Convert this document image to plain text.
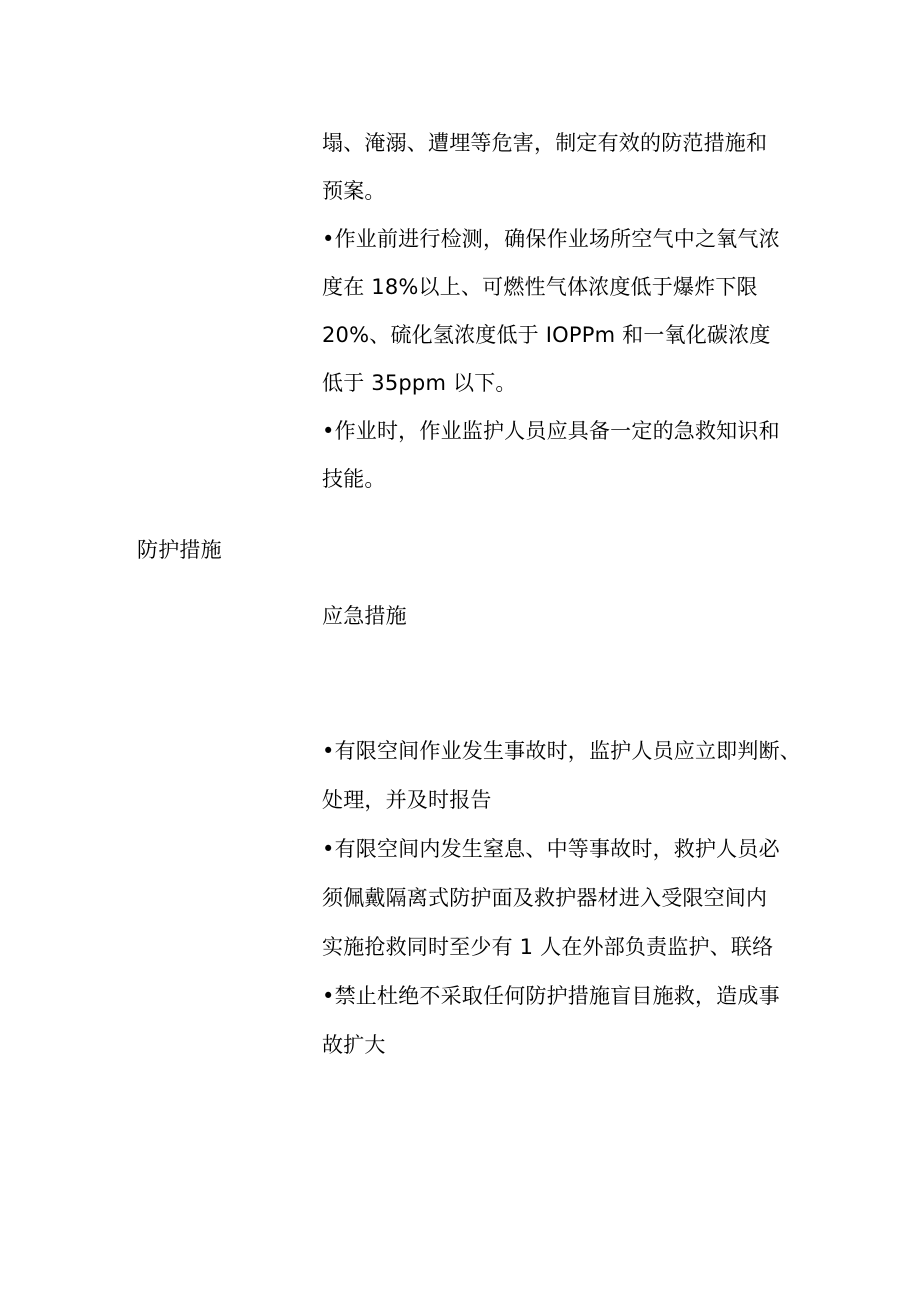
塌、淹溺、遭埋等危害，制定有效的防范措施和
预案。
•作业前进行检测，确保作业场所空气中之氧气浓
度在 18%以上、可燃性气体浓度低于爆炸下限
20%、硫化氢浓度低于 IOPPm 和一氧化碳浓度
低于 35ppm 以下。
•作业时，作业监护人员应具备一定的急救知识和
技能。
防护措施
应急措施
•有限空间作业发生事故时，监护人员应立即判断、
处理，并及时报告
•有限空间内发生窒息、中等事故时，救护人员必
须佩戴隔离式防护面及救护器材进入受限空间内
实施抢救同时至少有 1 人在外部负责监护、联络
•禁止杜绝不采取任何防护措施盲目施救，造成事
故扩大
